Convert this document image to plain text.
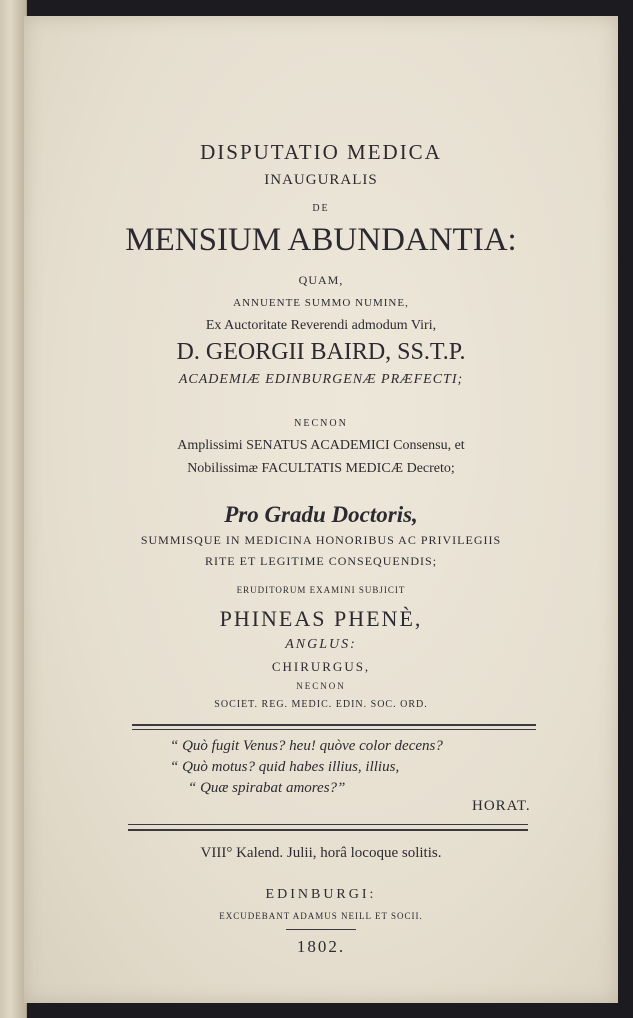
DISPUTATIO MEDICA

INAUGURALIS

DE

MENSIUM ABUNDANTIA:

QUAM,

ANNUENTE SUMMO NUMINE,

Ex Auctoritate Reverendi admodum Viri,

D. GEORGII BAIRD, SS.T.P.

ACADEMIÆ EDINBURGENÆ PRÆFECTI;

NECNON

Amplissimi SENATUS ACADEMICI Consensu, et

Nobilissimæ FACULTATIS MEDICÆ Decreto;

Pro Gradu Doctoris,

SUMMISQUE IN MEDICINA HONORIBUS AC PRIVILEGIIS

RITE ET LEGITIME CONSEQUENDIS;

ERUDITORUM EXAMINI SUBJICIT

PHINEAS PHENÈ,

ANGLUS:

CHIRURGUS,

NECNON

SOCIET. REG. MEDIC. EDIN. SOC. ORD.

“ Quò fugit Venus? heu! quòve color decens?

“ Quò motus? quid habes illius, illius,

“ Quæ spirabat amores?”

HORAT.

VIII° Kalend. Julii, horâ locoque solitis.

EDINBURGI:

EXCUDEBANT ADAMUS NEILL ET SOCII.

1802.
